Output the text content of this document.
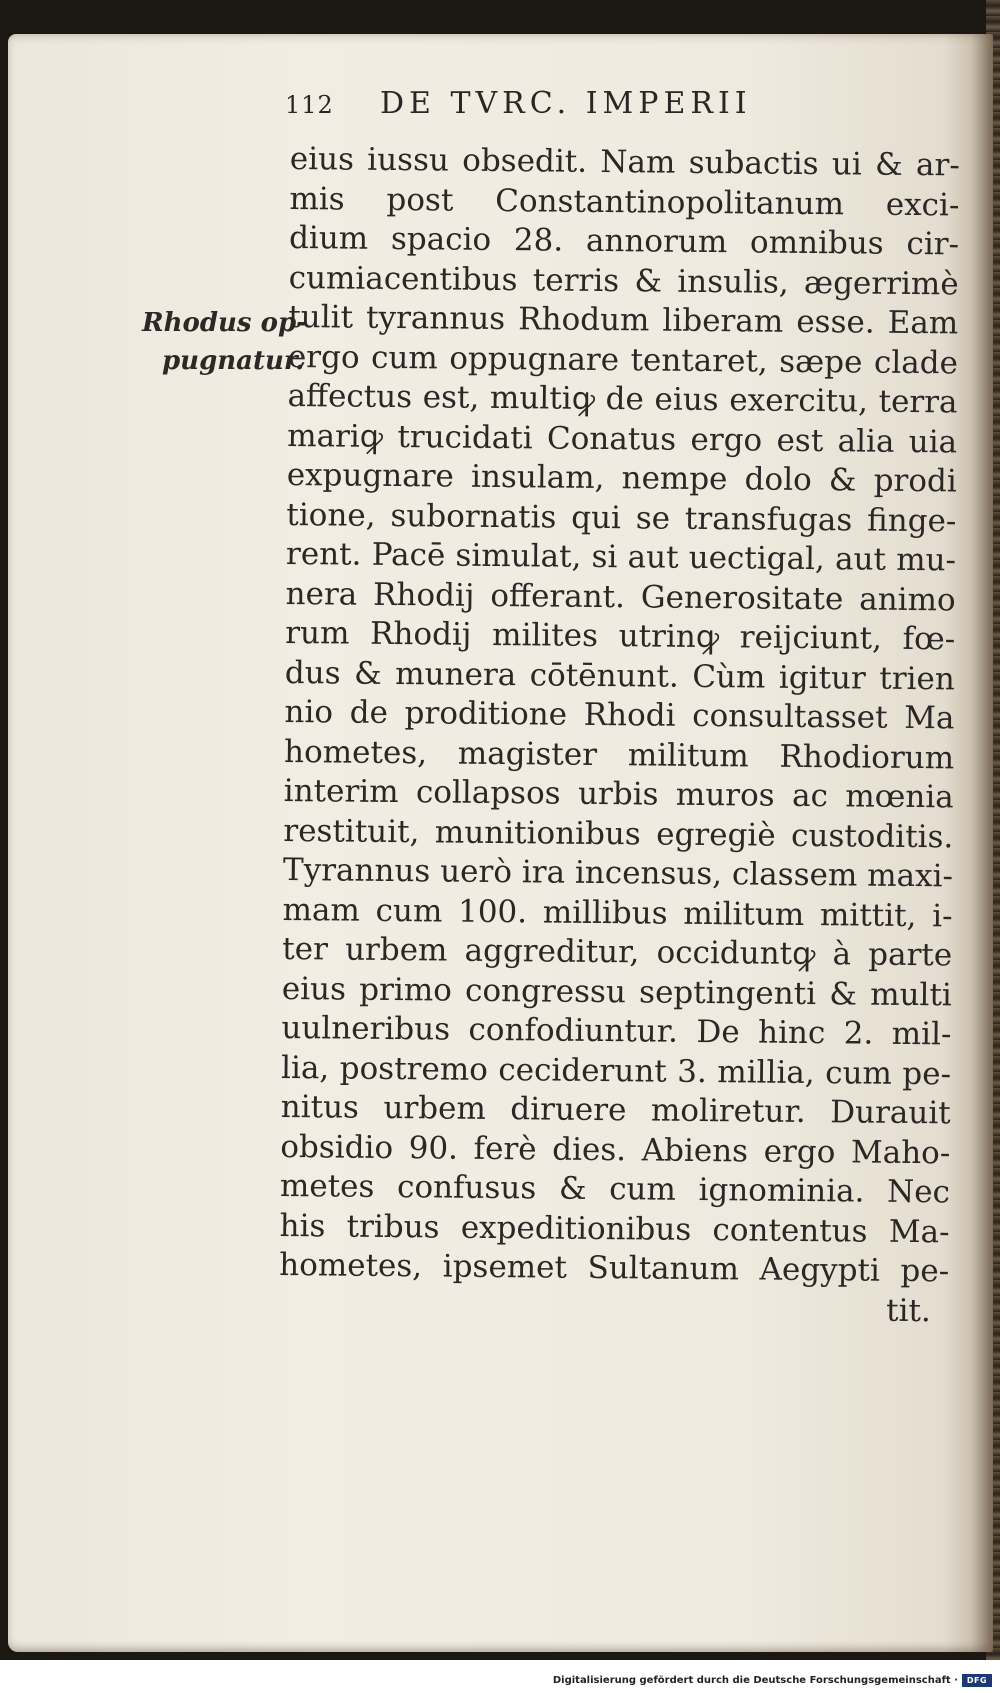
112 DE TVRC. IMPERII
Rhodus op-
pugnatur.
eius iussu obsedit. Nam subactis ui & ar-
mis post Constantinopolitanum exci-
dium spacio 28. annorum omnibus cir-
cumiacentibus terris & insulis, ægerrimè
tulit tyrannus Rhodum liberam esse. Eam
ergo cum oppugnare tentaret, sæpe clade
affectus est, multiꝙ de eius exercitu, terra
mariꝙ trucidati Conatus ergo est alia uia
expugnare insulam, nempe dolo & prodi
tione, subornatis qui se transfugas finge-
rent. Pacē simulat, si aut uectigal, aut mu-
nera Rhodij offerant. Generositate animo
rum Rhodij milites utrinꝙ reijciunt, fœ-
dus & munera cōtēnunt. Cùm igitur trien
nio de proditione Rhodi consultasset Ma
hometes, magister militum Rhodiorum
interim collapsos urbis muros ac mœnia
restituit, munitionibus egregiè custoditis.
Tyrannus uerò ira incensus, classem maxi-
mam cum 100. millibus militum mittit, i-
ter urbem aggreditur, occiduntꝙ à parte
eius primo congressu septingenti & multi
uulneribus confodiuntur. De hinc 2. mil-
lia, postremo ceciderunt 3. millia, cum pe-
nitus urbem diruere moliretur. Durauit
obsidio 90. ferè dies. Abiens ergo Maho-
metes confusus & cum ignominia. Nec
his tribus expeditionibus contentus Ma-
hometes, ipsemet Sultanum Aegypti pe-
tit.
Digitalisierung gefördert durch die Deutsche Forschungsgemeinschaft ·	DFG
